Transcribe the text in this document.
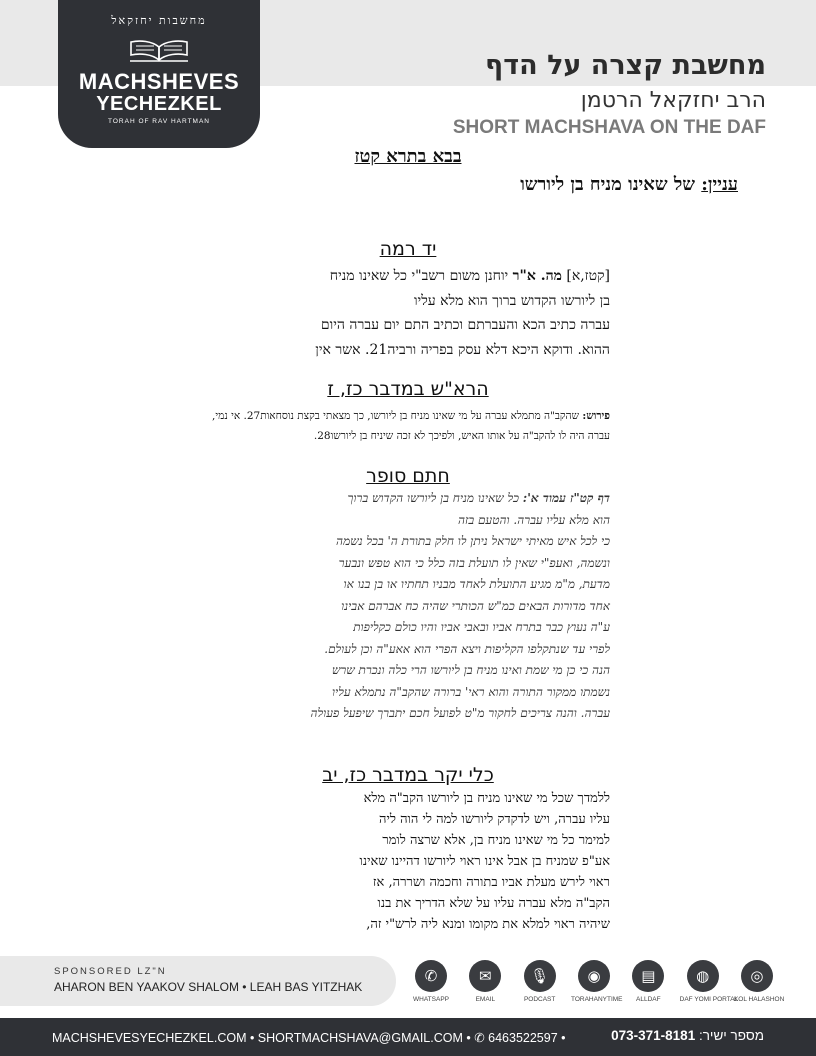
מחשבות יחזקאל
MACHSHEVES
YECHEZKEL
TORAH OF RAV HARTMAN
מחשבת קצרה על הדף
הרב יחזקאל הרטמן
SHORT MACHSHAVA ON THE DAF
בבא בתרא קטז
עניין: של שאינו מניח בן ליורשו
יד רמה
[קטז,א] מה. א"ר יוחנן משום רשב"י כל שאינו מניח
בן ליורשו הקדוש ברוך הוא מלא עליו
עברה כתיב הכא והעברתם וכתיב התם יום עברה היום
ההוא. ודוקא היכא דלא עסק בפריה ורביה21. אשר אין
הרא"ש במדבר כז, ז
פירוש: שהקב"ה מתמלא עברה על מי שאינו מניח בן ליורשו, כך מצאתי בקצת נוסחאות27. אי נמי,
עברה היה לו להקב"ה על אותו האיש, ולפיכך לא זכה שיניח בן ליורשו28.
חתם סופר
דף קט"ז עמוד א': כל שאינו מניח בן ליורשו הקדוש ברוך
הוא מלא עליו עברה. והטעם בזה
כי לכל איש מאיתי ישראל ניתן לו חלק בתורת ה' בכל נשמה
ונשמה, ואעפ"י שאין לו תועלת בזה כלל כי הוא טפש ונבער
מדעת, מ"מ מגיע התועלת לאחד מבניו תחתיו או בן בנו או
אחד מדורות הבאים כמ"ש הכותרי שהיה כח אברהם אבינו
ע"ה נעוץ כבר בתרח אביו ובאבי אביו והיו כולם כקליפות
לפרי עד שנתקלפו הקליפות ויצא הפרי הוא אאע"ה וכן לעולם.
הנה כי כן מי שמת ואינו מניח בן ליורשו הרי כלה ונכרת שרש
נשמתו ממקור התורה והוא ראי' ברורה שהקב"ה נתמלא עליו
עברה. והנה צריכים לחקור מ"ט לפועל חכם יתברך שיפעל פעולה
כלי יקר במדבר כז, יב
ללמדך שכל מי שאינו מניח בן ליורשו הקב"ה מלא
עליו עברה, ויש לדקדק ליורשו למה לי הוה ליה
למימר כל מי שאינו מניח בן, אלא שרצה לומר
אע"פ שמניח בן אבל אינו ראוי ליורשו דהיינו שאינו
ראוי לירש מעלת אביו בתורה וחכמה ושררה, אז
הקב"ה מלא עברה עליו על שלא הדריך את בנו
שיהיה ראוי למלא את מקומו ומנא ליה לרש"י זה,
SPONSORED LZ"N
AHARON BEN YAAKOV SHALOM • LEAH BAS YITZHAK
✆
WHATSAPP
✉
EMAIL
🎙
PODCAST
◉
TORAHANYTIME
▤
ALLDAF
◍
DAF YOMI PORTAL
◎
KOL HALASHON
MACHSHEVESYECHEZKEL.COM • SHORTMACHSHAVA@GMAIL.COM • ✆ 6463522597 •	מספר ישיר: 073-371-8181
